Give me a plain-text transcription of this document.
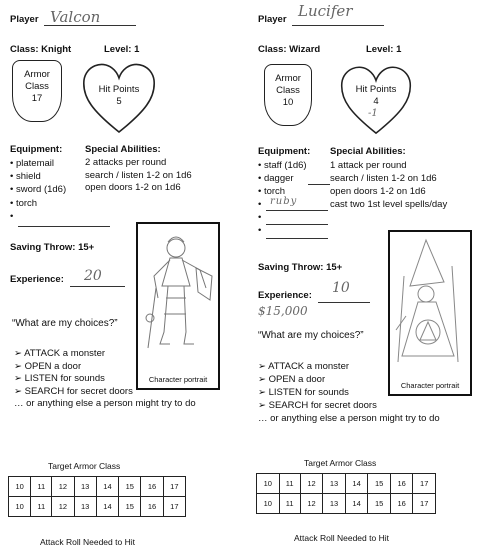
Player Valcon
Class: Knight	Level: 1
Armor
Class
17
Hit Points
5
Equipment:
• platemail
• shield
• sword (1d6)
• torch
•
Special Abilities:
2 attacks per round
search / listen 1-2 on 1d6
open doors 1-2 on 1d6
Saving Throw: 15+
Experience: 20
Character portrait
“What are my choices?”
➢ ATTACK a monster
➢ OPEN a door
➢ LISTEN for sounds
➢ SEARCH for secret doors
… or anything else a person might try to do
Target Armor Class
10	11	12	13	14	15	16	17
10	11	12	13	14	15	16	17
Attack Roll Needed to Hit
Player Lucifer
Class: Wizard	Level: 1
Armor
Class
10
Hit Points
4
-1
Equipment:
• staff (1d6)
• dagger
• torch
•
•
•
ruby
Special Abilities:
1 attack per round
search / listen 1-2 on 1d6
open doors 1-2 on 1d6
cast two 1st level spells/day
Saving Throw: 15+
Experience: 10
$15,000
Character portrait
“What are my choices?”
➢ ATTACK a monster
➢ OPEN a door
➢ LISTEN for sounds
➢ SEARCH for secret doors
… or anything else a person might try to do
Target Armor Class
10	11	12	13	14	15	16	17
10	11	12	13	14	15	16	17
Attack Roll Needed to Hit
